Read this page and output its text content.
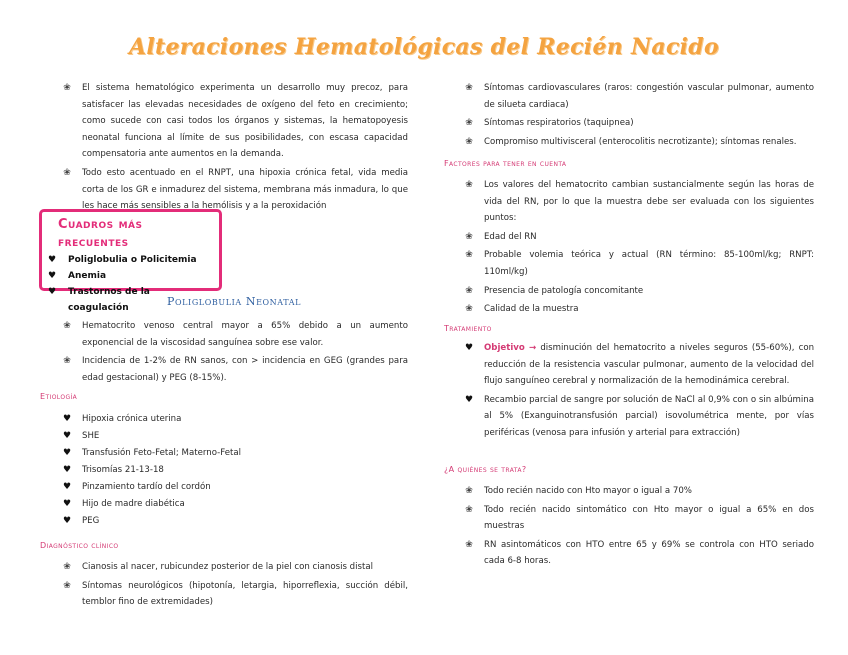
Alteraciones Hematológicas del Recién Nacido
❀	El sistema hematológico experimenta un desarrollo muy precoz, para satisfacer las elevadas necesidades de oxígeno del feto en crecimiento; como sucede con casi todos los órganos y sistemas, la hematopoyesis neonatal funciona al límite de sus posibilidades, con escasa capacidad compensatoria ante aumentos en la demanda.
❀	Todo esto acentuado en el RNPT, una hipoxia crónica fetal, vida media corta de los GR e inmadurez del sistema, membrana más inmadura, lo que les hace más sensibles a la hemólisis y a la peroxidación
Cuadros más frecuentes
♥ Poliglobulia o Policitemia
♥ Anemia
♥ Trastornos de la coagulación	Poliglobulia Neonatal
❀	Hematocrito venoso central mayor a 65% debido a un aumento exponencial de la viscosidad sanguínea sobre ese valor.
❀	Incidencia de 1-2% de RN sanos, con > incidencia en GEG (grandes para edad gestacional) y PEG (8-15%).
Etiología
♥	Hipoxia crónica uterina
♥	SHE
♥	Transfusión Feto-Fetal; Materno-Fetal
♥	Trisomías 21-13-18
♥	Pinzamiento tardío del cordón
♥	Hijo de madre diabética
♥	PEG
Diagnóstico clínico
❀	Cianosis al nacer, rubicundez posterior de la piel con cianosis distal
❀	Síntomas neurológicos (hipotonía, letargia, hiporreflexia, succión débil, temblor fino de extremidades)
❀	Síntomas cardiovasculares (raros: congestión vascular pulmonar, aumento de silueta cardiaca)
❀	Síntomas respiratorios (taquipnea)
❀	Compromiso multivisceral (enterocolitis necrotizante); síntomas renales.
Factores para tener en cuenta
❀	Los valores del hematocrito cambian sustancialmente según las horas de vida del RN, por lo que la muestra debe ser evaluada con los siguientes puntos:
❀	Edad del RN
❀	Probable volemia teórica y actual (RN término: 85-100ml/kg; RNPT: 110ml/kg)
❀	Presencia de patología concomitante
❀	Calidad de la muestra
Tratamiento
♥	Objetivo → disminución del hematocrito a niveles seguros (55-60%), con reducción de la resistencia vascular pulmonar, aumento de la velocidad del flujo sanguíneo cerebral y normalización de la hemodinámica cerebral.
♥	Recambio parcial de sangre por solución de NaCl al 0,9% con o sin albúmina al 5% (Exanguinotransfusión parcial) isovolumétrica mente, por vías periféricas (venosa para infusión y arterial para extracción)
¿A quiénes se trata?
❀	Todo recién nacido con Hto mayor o igual a 70%
❀	Todo recién nacido sintomático con Hto mayor o igual a 65% en dos muestras
❀	RN asintomáticos con HTO entre 65 y 69% se controla con HTO seriado cada 6-8 horas.
